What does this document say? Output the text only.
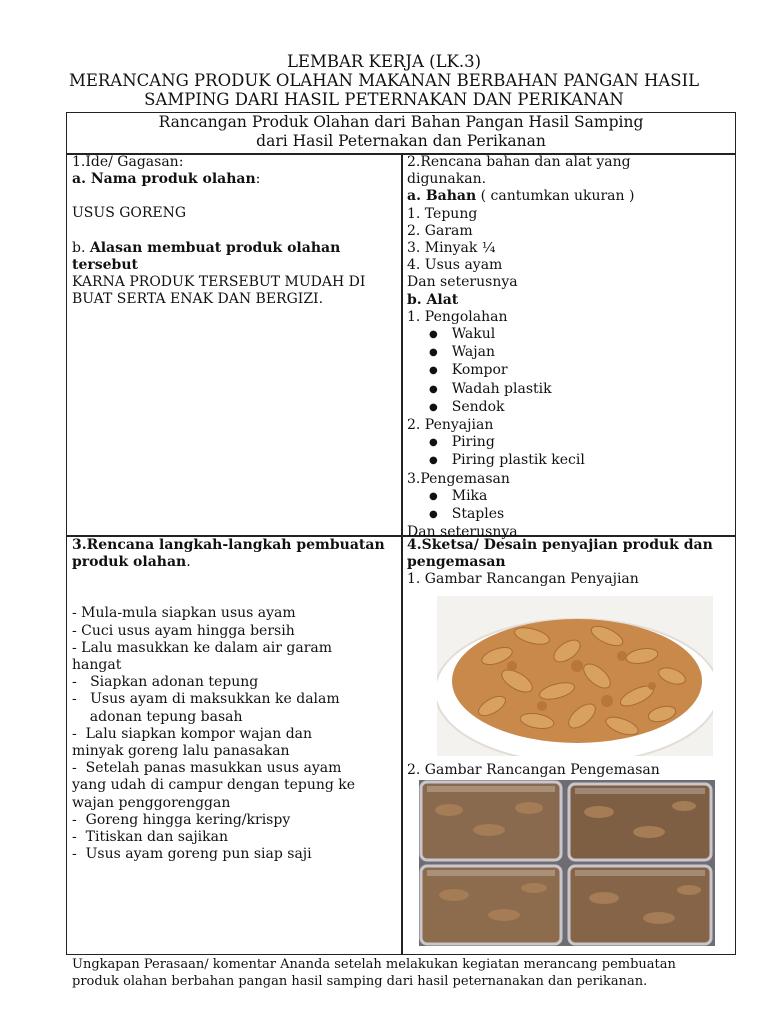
LEMBAR KERJA (LK.3)
MERANCANG PRODUK OLAHAN MAKANAN BERBAHAN PANGAN HASIL
SAMPING DARI HASIL PETERNAKAN DAN PERIKANAN
Rancangan Produk Olahan dari Bahan Pangan Hasil Samping
dari Hasil Peternakan dan Perikanan
1.Ide/ Gagasan:
a. Nama produk olahan:
USUS GORENG
b. Alasan membuat produk olahan
tersebut
KARNA PRODUK TERSEBUT MUDAH DI
BUAT SERTA ENAK DAN BERGIZI.
2.Rencana bahan dan alat yang
digunakan.
a. Bahan ( cantumkan ukuran )
1. Tepung
2. Garam
3. Minyak ¼
4. Usus ayam
Dan seterusnya
b. Alat
1. Pengolahan
● Wakul
● Wajan
● Kompor
● Wadah plastik
● Sendok
2. Penyajian
● Piring
● Piring plastik kecil
3.Pengemasan
● Mika
● Staples
Dan seterusnya
3.Rencana langkah-langkah pembuatan
produk olahan.
- Mula-mula siapkan usus ayam
- Cuci usus ayam hingga bersih
- Lalu masukkan ke dalam air garam
hangat
-   Siapkan adonan tepung
-   Usus ayam di maksukkan ke dalam
adonan tepung basah
-  Lalu siapkan kompor wajan dan
minyak goreng lalu panasakan
-  Setelah panas masukkan usus ayam
yang udah di campur dengan tepung ke
wajan penggorenggan
-  Goreng hingga kering/krispy
-  Titiskan dan sajikan
-  Usus ayam goreng pun siap saji
4.Sketsa/ Desain penyajian produk dan
pengemasan
1. Gambar Rancangan Penyajian
2. Gambar Rancangan Pengemasan
Ungkapan Perasaan/ komentar Ananda setelah melakukan kegiatan merancang pembuatan
produk olahan berbahan pangan hasil samping dari hasil peternanakan dan perikanan.
